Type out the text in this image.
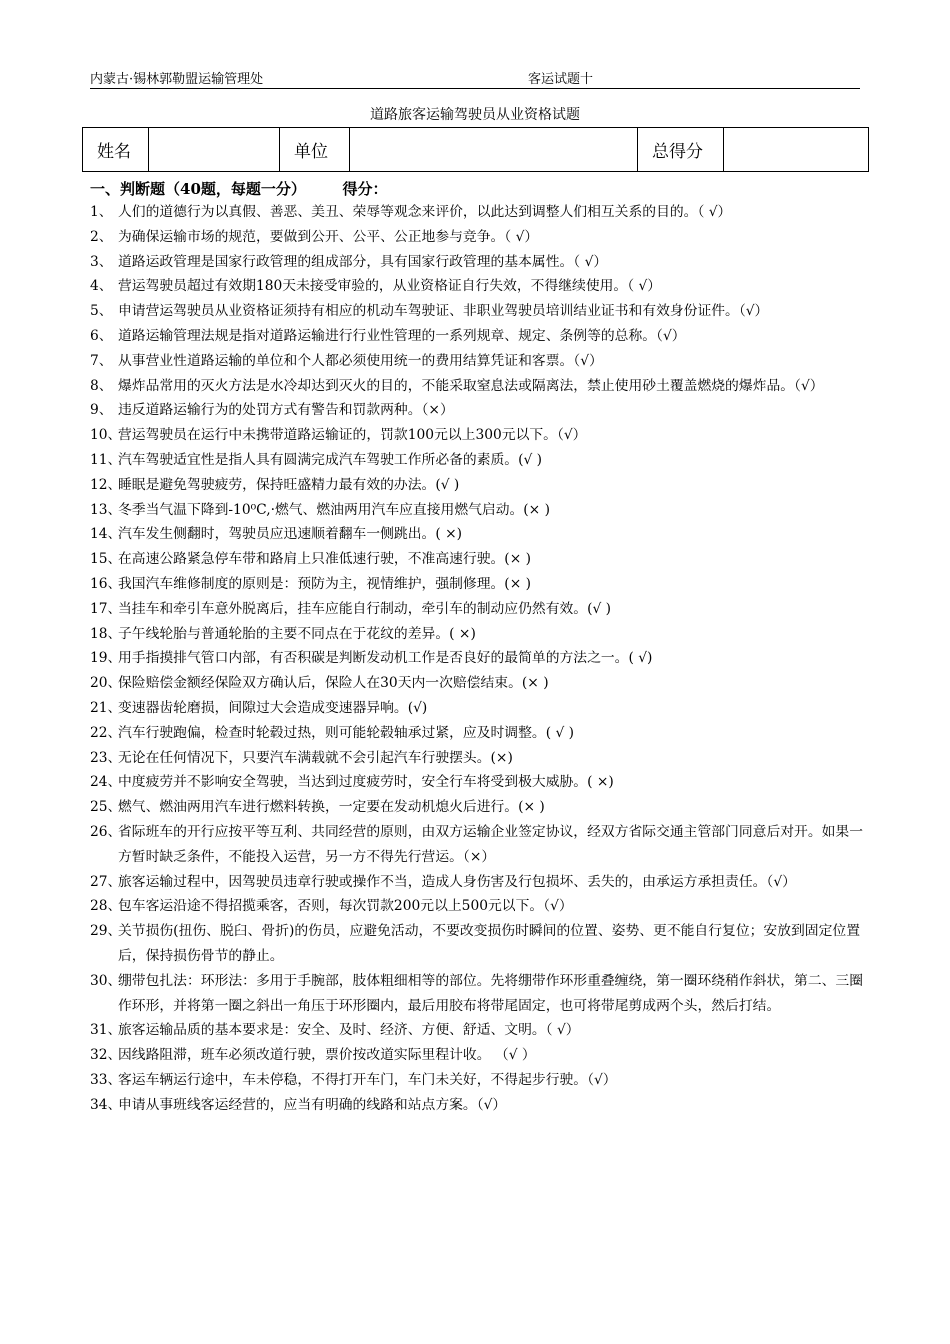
内蒙古·锡林郭勒盟运输管理处	客运试题十
道路旅客运输驾驶员从业资格试题
姓名		单位		总得分	
一、判断题（40题，每题一分） 得分：
1、 人们的道德行为以真假、善恶、美丑、荣辱等观念来评价，以此达到调整人们相互关系的目的。（ √）
2、 为确保运输市场的规范，要做到公开、公平、公正地参与竞争。（ √）
3、 道路运政管理是国家行政管理的组成部分，具有国家行政管理的基本属性。（ √）
4、 营运驾驶员超过有效期180天未接受审验的，从业资格证自行失效，不得继续使用。（ √）
5、 申请营运驾驶员从业资格证须持有相应的机动车驾驶证、非职业驾驶员培训结业证书和有效身份证件。（√）
6、 道路运输管理法规是指对道路运输进行行业性管理的一系列规章、规定、条例等的总称。（√）
7、 从事营业性道路运输的单位和个人都必须使用统一的费用结算凭证和客票。（√）
8、 爆炸品常用的灭火方法是水冷却达到灭火的目的，不能采取窒息法或隔离法，禁止使用砂土覆盖燃烧的爆炸品。（√）
9、 违反道路运输行为的处罚方式有警告和罚款两种。（×）
10、
营运驾驶员在运行中未携带道路运输证的，罚款100元以上300元以下。（√）
11、
汽车驾驶适宜性是指人具有圆满完成汽车驾驶工作所必备的素质。(√ )
12、
睡眠是避免驾驶疲劳，保持旺盛精力最有效的办法。(√ )
13、
冬季当气温下降到-10⁰C,·燃气、燃油两用汽车应直接用燃气启动。(× )
14、
汽车发生侧翻时，驾驶员应迅速顺着翻车一侧跳出。( ×)
15、
在高速公路紧急停车带和路肩上只准低速行驶，不准高速行驶。(× )
16、
我国汽车维修制度的原则是：预防为主，视情维护，强制修理。(× )
17、
当挂车和牵引车意外脱离后，挂车应能自行制动，牵引车的制动应仍然有效。(√ )
18、
子午线轮胎与普通轮胎的主要不同点在于花纹的差异。( ×)
19、
用手指摸排气管口内部，有否积碳是判断发动机工作是否良好的最简单的方法之一。( √)
20、
保险赔偿金额经保险双方确认后，保险人在30天内一次赔偿结束。(× )
21、
变速器齿轮磨损，间隙过大会造成变速器异响。(√)
22、
汽车行驶跑偏，检查时轮毂过热，则可能轮毂轴承过紧，应及时调整。( √ )
23、
无论在任何情况下，只要汽车满载就不会引起汽车行驶摆头。(×)
24、
中度疲劳并不影响安全驾驶，当达到过度疲劳时，安全行车将受到极大威胁。( ×)
25、
燃气、燃油两用汽车进行燃料转换，一定要在发动机熄火后进行。(× )
26、
省际班车的开行应按平等互利、共同经营的原则，由双方运输企业签定协议，经双方省际交通主管部门同意后对开。如果一方暂时缺乏条件，不能投入运营，另一方不得先行营运。（×）
27、
旅客运输过程中，因驾驶员违章行驶或操作不当，造成人身伤害及行包损坏、丢失的，由承运方承担责任。（√）
28、
包车客运沿途不得招揽乘客，否则，每次罚款200元以上500元以下。（√）
29、
关节损伤(扭伤、脱臼、骨折)的伤员，应避免活动，不要改变损伤时瞬间的位置、姿势、更不能自行复位；安放到固定位置后，保持损伤骨节的静止。
30、
绷带包扎法：环形法：多用于手腕部，肢体粗细相等的部位。先将绷带作环形重叠缠绕，第一圈环绕稍作斜状，第二、三圈作环形，并将第一圈之斜出一角压于环形圈内，最后用胶布将带尾固定，也可将带尾剪成两个头，然后打结。
31、
旅客运输品质的基本要求是：安全、及时、经济、方便、舒适、文明。（ √）
32、
因线路阻滞，班车必须改道行驶，票价按改道实际里程计收。 （√ ）
33、
客运车辆运行途中，车未停稳，不得打开车门，车门未关好，不得起步行驶。（√）
34、
申请从事班线客运经营的，应当有明确的线路和站点方案。（√）
